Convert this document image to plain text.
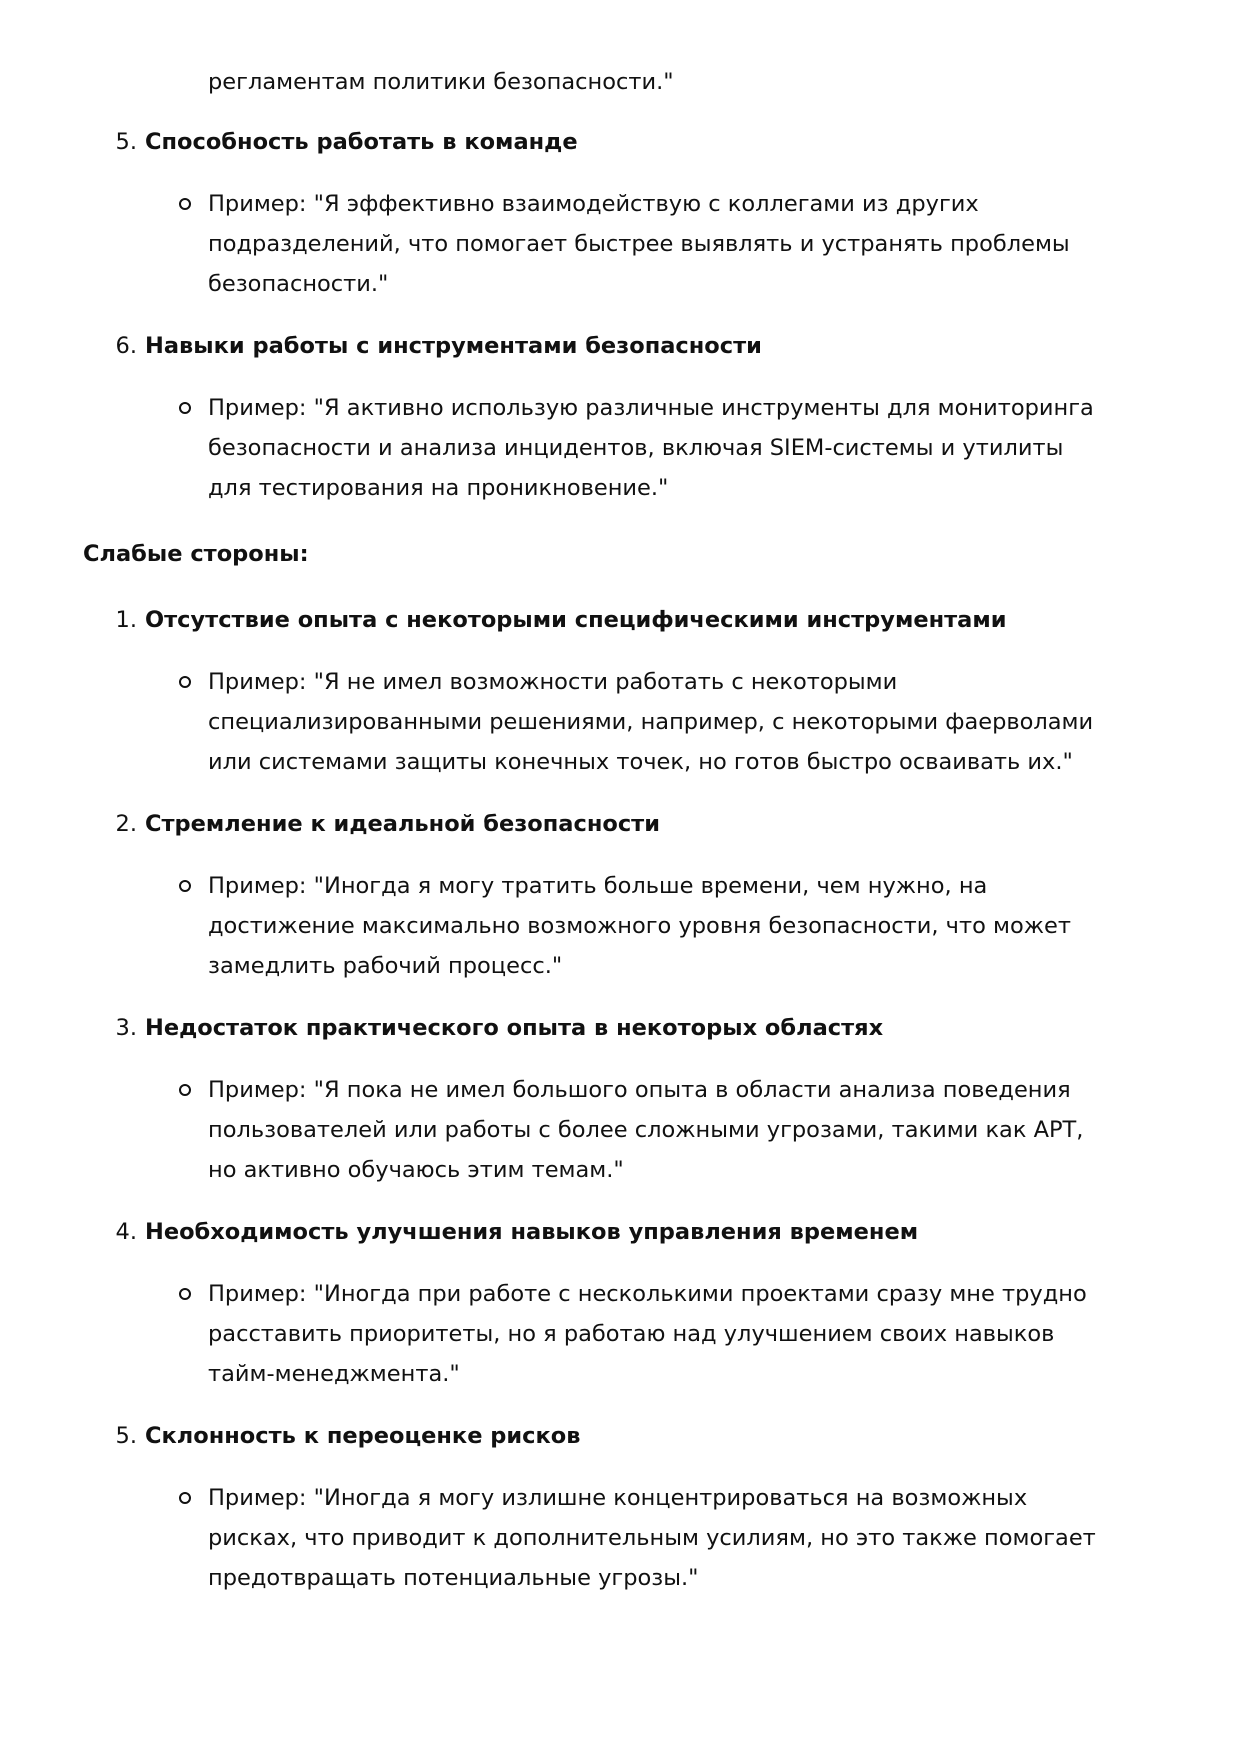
регламентам политики безопасности."
5. Способность работать в команде
Пример: "Я эффективно взаимодействую с коллегами из других подразделений, что помогает быстрее выявлять и устранять проблемы безопасности."
6. Навыки работы с инструментами безопасности
Пример: "Я активно использую различные инструменты для мониторинга безопасности и анализа инцидентов, включая SIEM-системы и утилиты для тестирования на проникновение."
Слабые стороны:
1. Отсутствие опыта с некоторыми специфическими инструментами
Пример: "Я не имел возможности работать с некоторыми специализированными решениями, например, с некоторыми фаерволами или системами защиты конечных точек, но готов быстро осваивать их."
2. Стремление к идеальной безопасности
Пример: "Иногда я могу тратить больше времени, чем нужно, на достижение максимально возможного уровня безопасности, что может замедлить рабочий процесс."
3. Недостаток практического опыта в некоторых областях
Пример: "Я пока не имел большого опыта в области анализа поведения пользователей или работы с более сложными угрозами, такими как APT, но активно обучаюсь этим темам."
4. Необходимость улучшения навыков управления временем
Пример: "Иногда при работе с несколькими проектами сразу мне трудно расставить приоритеты, но я работаю над улучшением своих навыков тайм-менеджмента."
5. Склонность к переоценке рисков
Пример: "Иногда я могу излишне концентрироваться на возможных рисках, что приводит к дополнительным усилиям, но это также помогает предотвращать потенциальные угрозы."
